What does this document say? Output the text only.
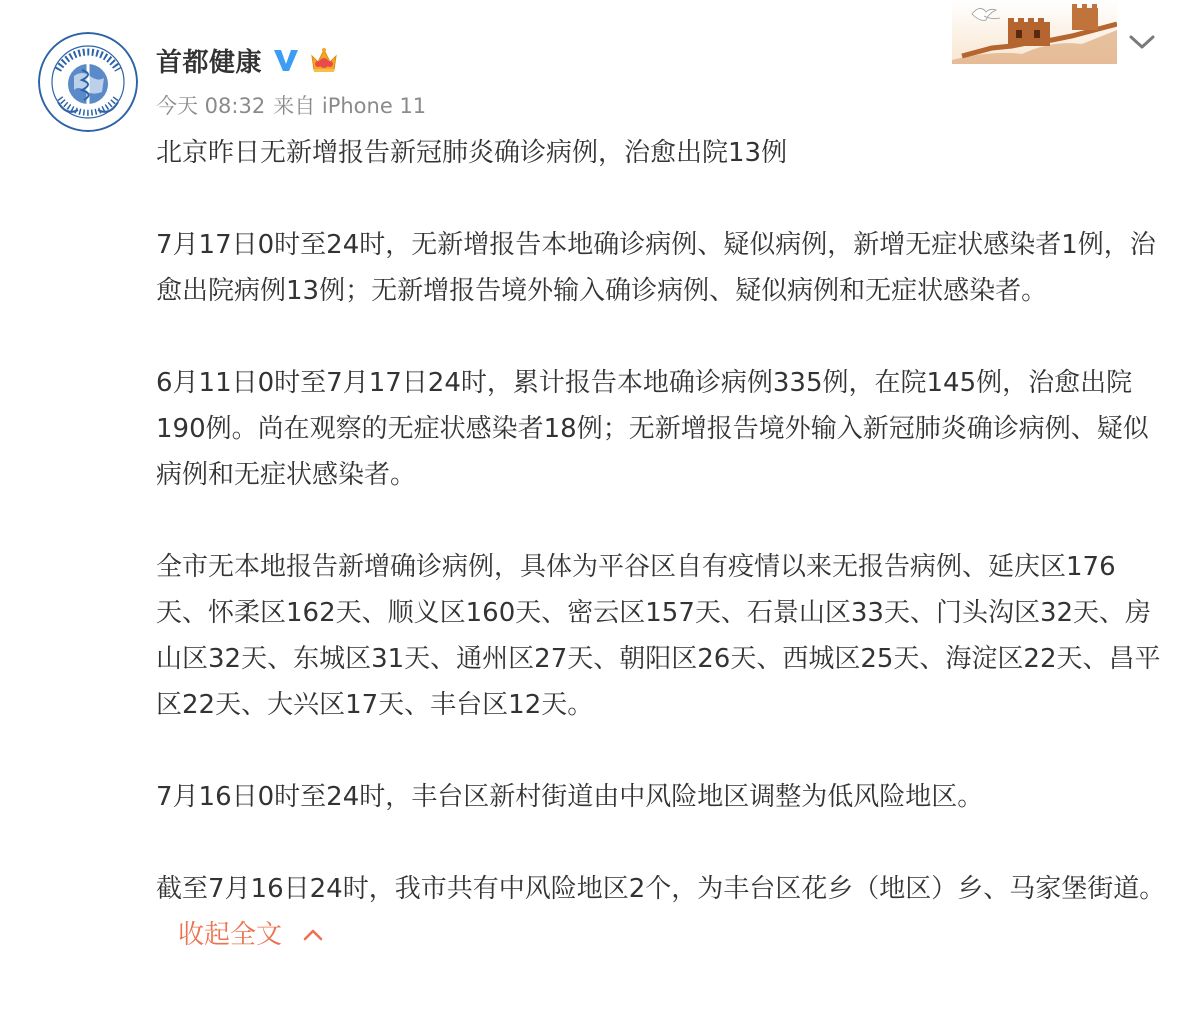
首都健康
今天 08:32 来自 iPhone 11

北京昨日无新增报告新冠肺炎确诊病例，治愈出院13例

7月17日0时至24时，无新增报告本地确诊病例、疑似病例，新增无症状感染者1例，治愈出院病例13例；无新增报告境外输入确诊病例、疑似病例和无症状感染者。

6月11日0时至7月17日24时，累计报告本地确诊病例335例，在院145例，治愈出院190例。尚在观察的无症状感染者18例；无新增报告境外输入新冠肺炎确诊病例、疑似病例和无症状感染者。

全市无本地报告新增确诊病例，具体为平谷区自有疫情以来无报告病例、延庆区176天、怀柔区162天、顺义区160天、密云区157天、石景山区33天、门头沟区32天、房山区32天、东城区31天、通州区27天、朝阳区26天、西城区25天、海淀区22天、昌平区22天、大兴区17天、丰台区12天。

7月16日0时至24时，丰台区新村街道由中风险地区调整为低风险地区。

截至7月16日24时，我市共有中风险地区2个，为丰台区花乡（地区）乡、马家堡街道。
收起全文
